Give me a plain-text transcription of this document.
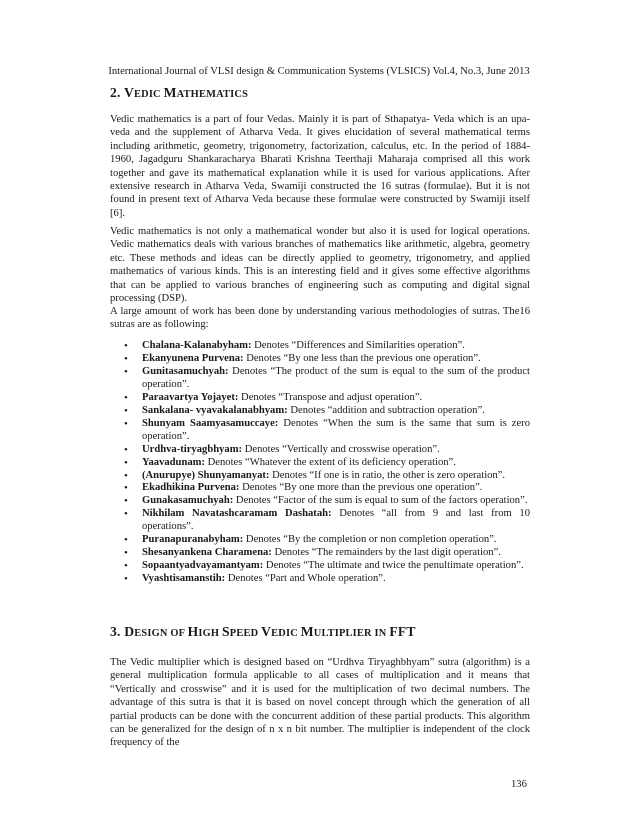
International Journal of VLSI design & Communication Systems (VLSICS) Vol.4, No.3, June 2013
2. VEDIC MATHEMATICS

Vedic mathematics is a part of four Vedas. Mainly it is part of Sthapatya- Veda which is an upa-veda and the supplement of Atharva Veda. It gives elucidation of several mathematical terms including arithmetic, geometry, trigonometry, factorization, calculus, etc. In the period of 1884-1960, Jagadguru Shankaracharya Bharati Krishna Teerthaji Maharaja comprised all this work together and gave its mathematical explanation while it is used for various applications. After extensive research in Atharva Veda, Swamiji constructed the 16 sutras (formulae). But it is not found in present text of Atharva Veda because these formulae were constructed by Swamiji itself [6].

Vedic mathematics is not only a mathematical wonder but also it is used for logical operations. Vedic mathematics deals with various branches of mathematics like arithmetic, algebra, geometry etc. These methods and ideas can be directly applied to geometry, trigonometry, and applied mathematics of various kinds. This is an interesting field and it gives some effective algorithms that can be applied to various branches of engineering such as computing and digital signal processing (DSP).

A large amount of work has been done by understanding various methodologies of sutras. The16 sutras are as following:

• Chalana-Kalanabyham: Denotes “Differences and Similarities operation”.
• Ekanyunena Purvena: Denotes “By one less than the previous one operation”.
• Gunitasamuchyah: Denotes “The product of the sum is equal to the sum of the product operation”.
• Paraavartya Yojayet: Denotes “Transpose and adjust operation”.
• Sankalana- vyavakalanabhyam: Denotes “addition and subtraction operation”.
• Shunyam Saamyasamuccaye: Denotes “When the sum is the same that sum is zero operation”.
• Urdhva-tiryagbhyam: Denotes “Vertically and crosswise operation”.
• Yaavadunam: Denotes “Whatever the extent of its deficiency operation”.
• (Anurupye) Shunyamanyat: Denotes “If one is in ratio, the other is zero operation”.
• Ekadhikina Purvena: Denotes “By one more than the previous one operation”.
• Gunakasamuchyah: Denotes “Factor of the sum is equal to sum of the factors operation”.
• Nikhilam Navatashcaramam Dashatah: Denotes “all from 9 and last from 10 operations”.
• Puranapuranabyham: Denotes “By the completion or non completion operation”.
• Shesanyankena Charamena: Denotes “The remainders by the last digit operation”.
• Sopaantyadvayamantyam: Denotes “The ultimate and twice the penultimate operation”.
• Vyashtisamanstih: Denotes “Part and Whole operation”.
3. DESIGN OF HIGH SPEED VEDIC MULTIPLIER IN FFT

The Vedic multiplier which is designed based on “Urdhva Tiryaghbhyam” sutra (algorithm) is a general multiplication formula applicable to all cases of multiplication and it means that “Vertically and crosswise” and it is used for the multiplication of two decimal numbers. The advantage of this sutra is that it is based on novel concept through which the generation of all partial products can be done with the concurrent addition of these partial products. This algorithm can be generalized for the design of n x n bit number. The multiplier is independent of the clock frequency of the

136
